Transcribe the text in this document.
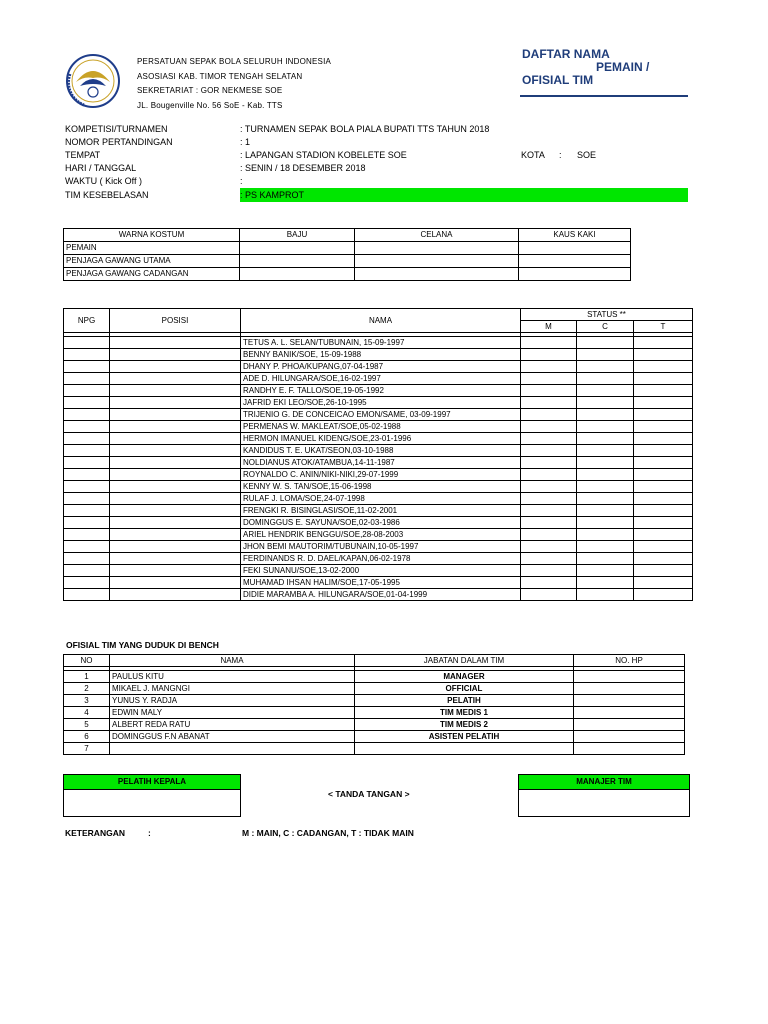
PERSATUAN SEPAK BOLA SELURUH INDONESIA
ASOSIASI KAB. TIMOR TENGAH SELATAN
SEKRETARIAT : GOR NEKMESE SOE
JL. Bougenville No. 56 SoE - Kab. TTS
DAFTAR NAMA
PEMAIN /
OFISIAL TIM
KOMPETISI/TURNAMEN	: TURNAMEN SEPAK BOLA PIALA BUPATI TTS TAHUN 2018
NOMOR PERTANDINGAN	: 1
TEMPAT	: LAPANGAN STADION KOBELETE SOE	KOTA : SOE
HARI / TANGGAL	: SENIN / 18 DESEMBER 2018
WAKTU ( Kick Off )	:
TIM KESEBELASAN	: PS KAMPROT
WARNA KOSTUM	BAJU	CELANA	KAUS KAKI
PEMAIN			
PENJAGA GAWANG UTAMA			
PENJAGA GAWANG CADANGAN			
NPG	POSISI	NAMA	STATUS **		
			M	C	T

		TETUS A. L. SELAN/TUBUNAIN, 15-09-1997			
		BENNY BANIK/SOE, 15-09-1988			
		DHANY P. PHOA/KUPANG,07-04-1987			
		ADE D. HILUNGARA/SOE,16-02-1997			
		RANDHY E. F. TALLO/SOE,19-05-1992			
		JAFRID EKI LEO/SOE,26-10-1995			
		TRIJENIO G. DE CONCEICAO EMON/SAME, 03-09-1997			
		PERMENAS W. MAKLEAT/SOE,05-02-1988			
		HERMON IMANUEL KIDENG/SOE,23-01-1996			
		KANDIDUS T. E. UKAT/SEON,03-10-1988			
		NOLDIANUS ATOK/ATAMBUA,14-11-1987			
		ROYNALDO C. ANIN/NIKI-NIKI,29-07-1999			
		KENNY W. S. TAN/SOE,15-06-1998			
		RULAF J. LOMA/SOE,24-07-1998			
		FRENGKI R. BISINGLASI/SOE,11-02-2001			
		DOMINGGUS E. SAYUNA/SOE,02-03-1986			
		ARIEL HENDRIK BENGGU/SOE,28-08-2003			
		JHON BEMI MAUTORIM/TUBUNAIN,10-05-1997			
		FERDINANDS R. D. DAEL/KAPAN,06-02-1978			
		FEKI SUNANU/SOE,13-02-2000			
		MUHAMAD IHSAN HALIM/SOE,17-05-1995			
		DIDIE MARAMBA A. HILUNGARA/SOE,01-04-1999			
OFISIAL TIM YANG DUDUK DI BENCH
NO	NAMA	JABATAN DALAM TIM	NO. HP

1	PAULUS KITU	MANAGER	
2	MIKAEL J. MANGNGI	OFFICIAL	
3	YUNUS Y. RADJA	PELATIH	
4	EDWIN MALY	TIM MEDIS 1	
5	ALBERT REDA RATU	TIM MEDIS 2	
6	DOMINGGUS F.N ABANAT	ASISTEN PELATIH	
7			
PELATIH KEPALA
< TANDA TANGAN >
MANAJER TIM
KETERANGAN	:	M : MAIN, C : CADANGAN, T : TIDAK MAIN
